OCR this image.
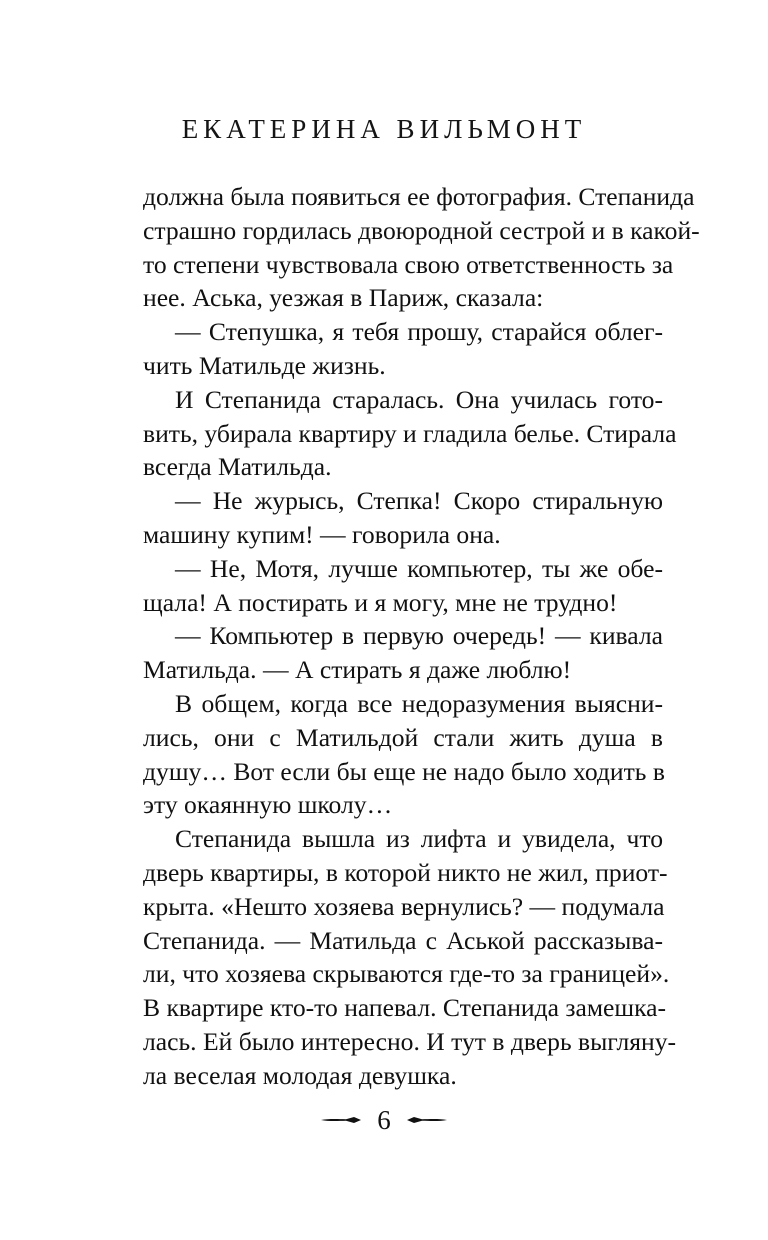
ЕКАТЕРИНА ВИЛЬМОНТ
должна была появиться ее фотография. Степанида
страшно гордилась двоюродной сестрой и в какой-
то степени чувствовала свою ответственность за
нее. Аська, уезжая в Париж, сказала:
— Степушка, я тебя прошу, старайся облег-
чить Матильде жизнь.
И Степанида старалась. Она училась гото-
вить, убирала квартиру и гладила белье. Стирала
всегда Матильда.
— Не журысь, Степка! Скоро стиральную
машину купим! — говорила она.
— Не, Мотя, лучше компьютер, ты же обе-
щала! А постирать и я могу, мне не трудно!
— Компьютер в первую очередь! — кивала
Матильда. — А стирать я даже люблю!
В общем, когда все недоразумения выясни-
лись, они с Матильдой стали жить душа в
душу… Вот если бы еще не надо было ходить в
эту окаянную школу…
Степанида вышла из лифта и увидела, что
дверь квартиры, в которой никто не жил, приот-
крыта. «Нешто хозяева вернулись? — подумала
Степанида. — Матильда с Аськой рассказыва-
ли, что хозяева скрываются где-то за границей».
В квартире кто-то напевал. Степанида замешка-
лась. Ей было интересно. И тут в дверь выгляну-
ла веселая молодая девушка.
6
